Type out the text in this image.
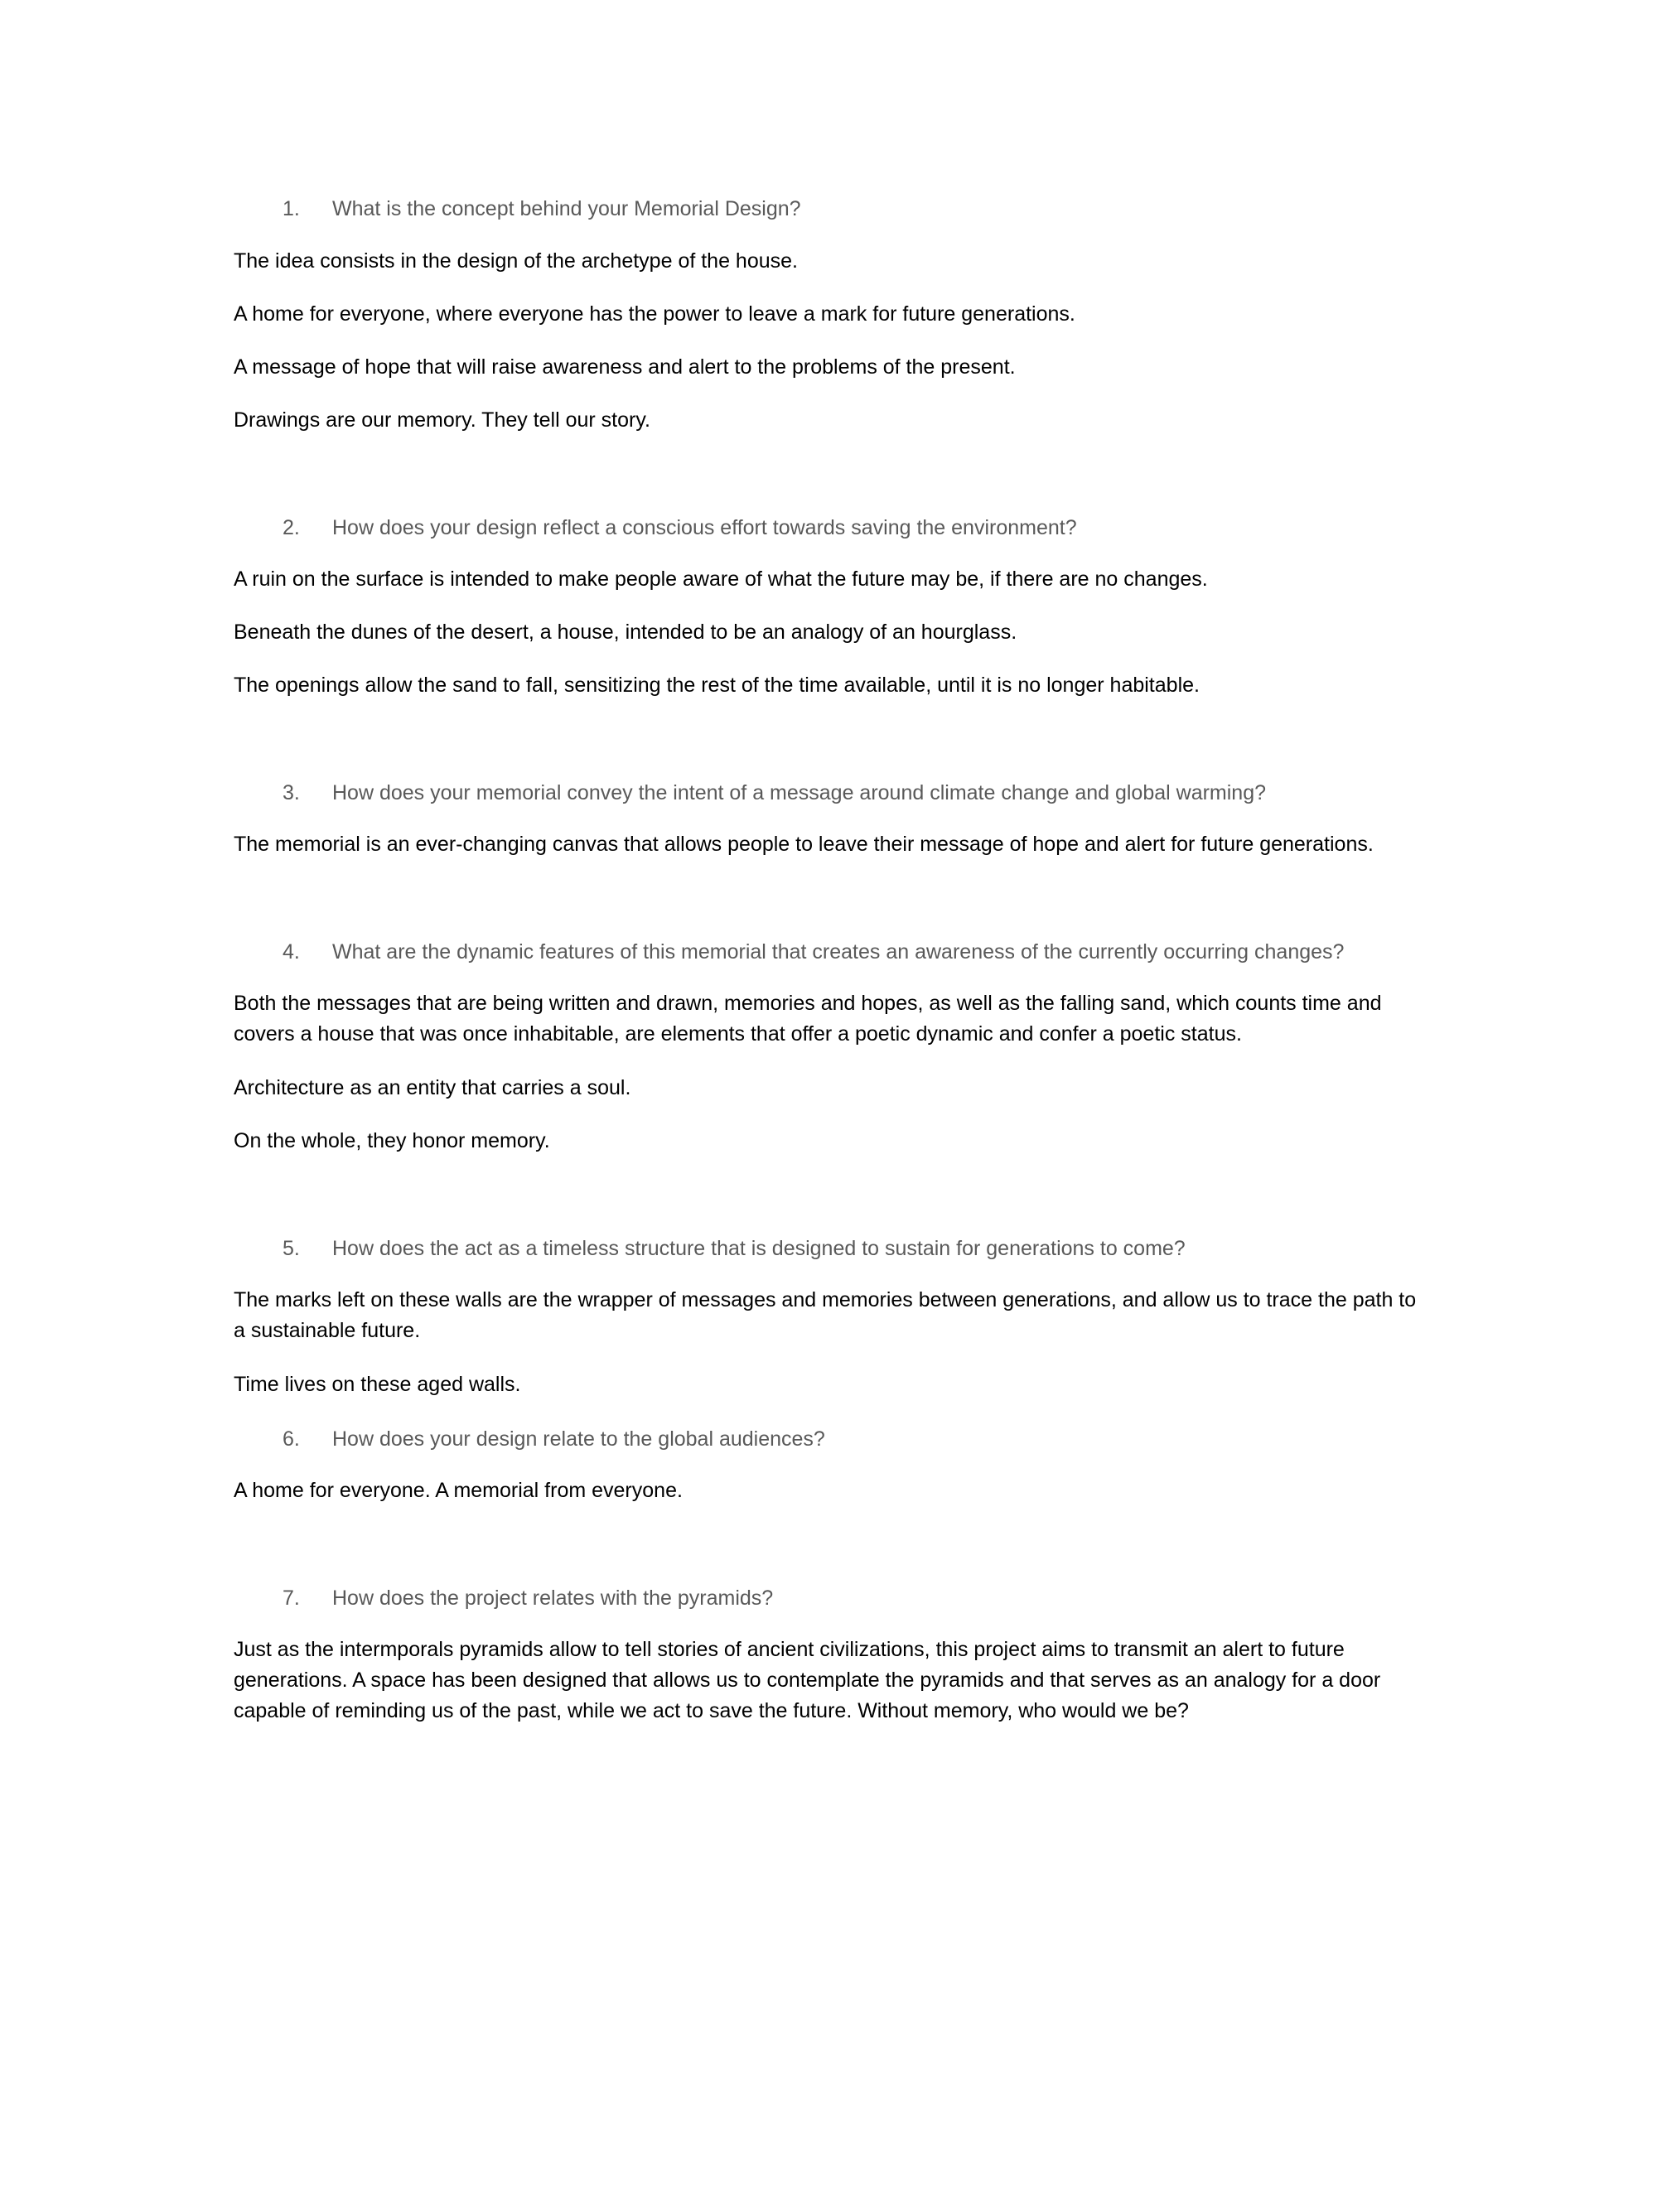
1. What is the concept behind your Memorial Design?

The idea consists in the design of the archetype of the house.

A home for everyone, where everyone has the power to leave a mark for future generations.

A message of hope that will raise awareness and alert to the problems of the present.

Drawings are our memory. They tell our story.

2. How does your design reflect a conscious effort towards saving the environment?

A ruin on the surface is intended to make people aware of what the future may be, if there are no changes.

Beneath the dunes of the desert, a house, intended to be an analogy of an hourglass.

The openings allow the sand to fall, sensitizing the rest of the time available, until it is no longer habitable.

3. How does your memorial convey the intent of a message around climate change and global warming?

The memorial is an ever-changing canvas that allows people to leave their message of hope and alert for future generations.

4. What are the dynamic features of this memorial that creates an awareness of the currently occurring changes?

Both the messages that are being written and drawn, memories and hopes, as well as the falling sand, which counts time and covers a house that was once inhabitable, are elements that offer a poetic dynamic and confer a poetic status.

Architecture as an entity that carries a soul.

On the whole, they honor memory.

5. How does the act as a timeless structure that is designed to sustain for generations to come?

The marks left on these walls are the wrapper of messages and memories between generations, and allow us to trace the path to a sustainable future.

Time lives on these aged walls.

6. How does your design relate to the global audiences?

A home for everyone. A memorial from everyone.

7. How does the project relates with the pyramids?

Just as the intermporals pyramids allow to tell stories of ancient civilizations, this project aims to transmit an alert to future generations. A space has been designed that allows us to contemplate the pyramids and that serves as an analogy for a door capable of reminding us of the past, while we act to save the future. Without memory, who would we be?
